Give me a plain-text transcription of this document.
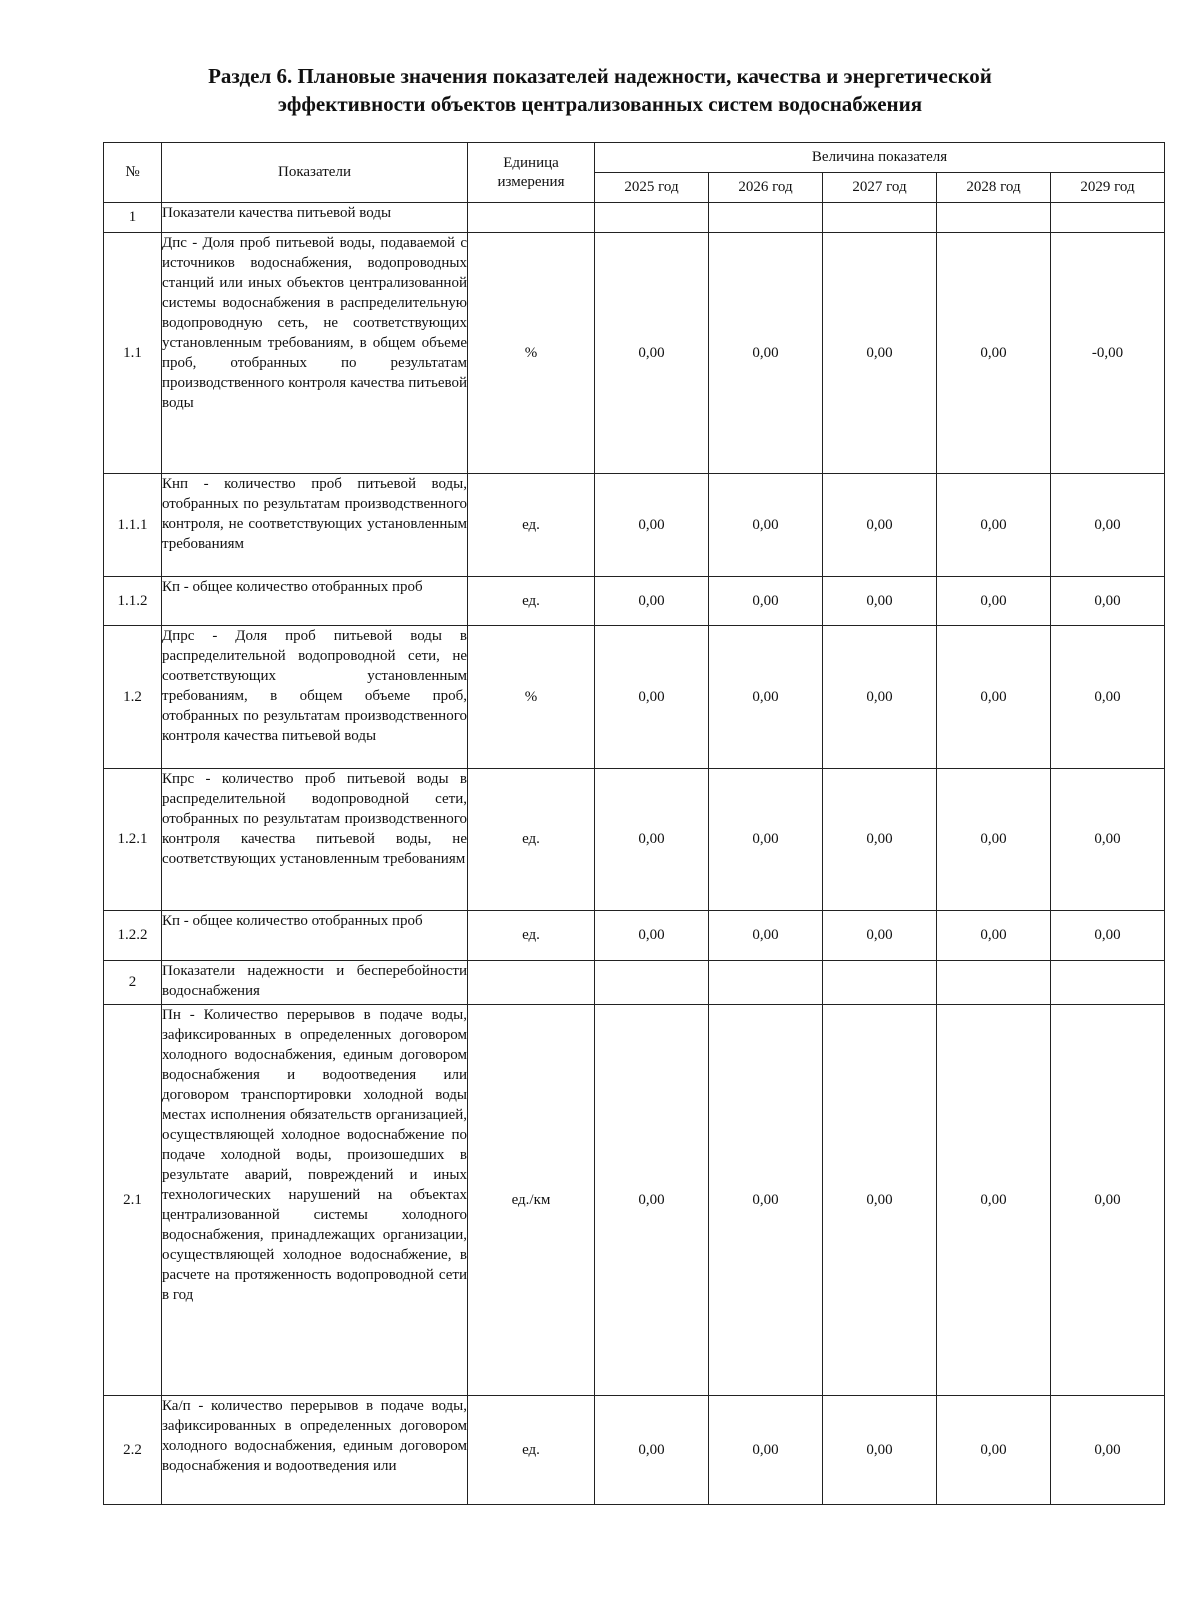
Раздел 6. Плановые значения показателей надежности, качества и энергетической
эффективности объектов централизованных систем водоснабжения
№	Показатели	Единица измерения	Величина показателя				
			2025 год	2026 год	2027 год	2028 год	2029 год
1	Показатели качества питьевой воды						
1.1	Дпс - Доля проб питьевой воды, подаваемой с источников водоснабжения, водопроводных станций или иных объектов централизованной системы водоснабжения в распределительную водопроводную сеть, не соответствующих установленным требованиям, в общем объеме проб, отобранных по результатам производственного контроля качества питьевой воды	%	0,00	0,00	0,00	0,00	-0,00
1.1.1	Кнп - количество проб питьевой воды, отобранных по результатам производственного контроля, не соответствующих установленным требованиям	ед.	0,00	0,00	0,00	0,00	0,00
1.1.2	Кп - общее количество отобранных проб	ед.	0,00	0,00	0,00	0,00	0,00
1.2	Дпрс - Доля проб питьевой воды в распределительной водопроводной сети, не соответствующих установленным требованиям, в общем объеме проб, отобранных по результатам производственного контроля качества питьевой воды	%	0,00	0,00	0,00	0,00	0,00
1.2.1	Кпрс - количество проб питьевой воды в распределительной водопроводной сети, отобранных по результатам производственного контроля качества питьевой воды, не соответствующих установленным требованиям	ед.	0,00	0,00	0,00	0,00	0,00
1.2.2	Кп - общее количество отобранных проб	ед.	0,00	0,00	0,00	0,00	0,00
2	Показатели надежности и бесперебойности водоснабжения						
2.1	Пн - Количество перерывов в подаче воды, зафиксированных в определенных договором холодного водоснабжения, единым договором водоснабжения и водоотведения или договором транспортировки холодной воды местах исполнения обязательств организацией, осуществляющей холодное водоснабжение по подаче холодной воды, произошедших в результате аварий, повреждений и иных технологических нарушений на объектах централизованной системы холодного водоснабжения, принадлежащих организации, осуществляющей холодное водоснабжение, в расчете на протяженность водопроводной сети в год	ед./км	0,00	0,00	0,00	0,00	0,00
2.2	Ка/п - количество перерывов в подаче воды, зафиксированных в определенных договором холодного водоснабжения, единым договором водоснабжения и водоотведения или	ед.	0,00	0,00	0,00	0,00	0,00
